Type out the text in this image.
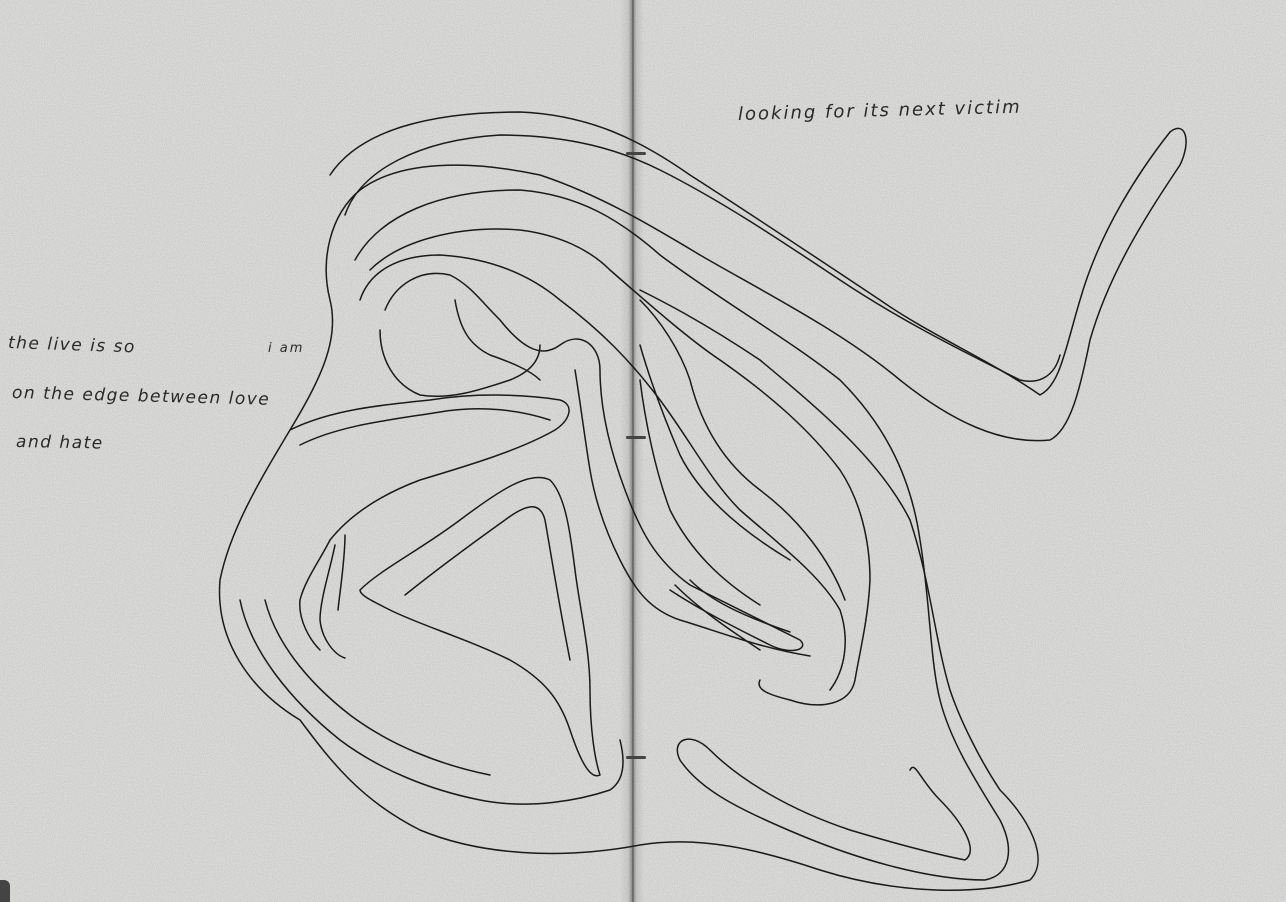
the live is so	i am
on the edge between love
and hate
looking for its next victim
